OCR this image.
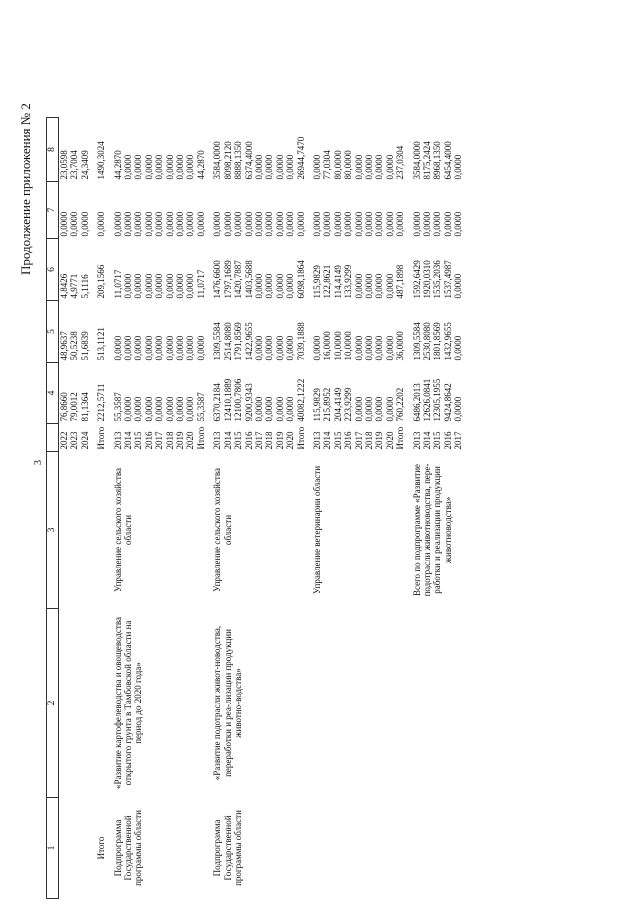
Продолжение приложения № 2
3
1	2	3		4	5	6	7	8
			2022	76,8660	48,9637	4,8426	0,0000	23,0598
			2023	79,0012	50,5238	4,9771	0,0000	23,7004
			2024	81,1364	51,6839	5,1116	0,0000	24,3409

Итого			Итого	2212,5711	513,1121	209,1566	0,0000	1490,3024

Подпрограмма Государственной программы области	«Развитие картофелеводства и овощеводства открытого грунта в Тамбовской области на период до 2020 года»	Управление сельского хозяйства области	2013	55,3587	0,0000	11,0717	0,0000	44,2870
			2014	0,0000	0,0000	0,0000	0,0000	0,0000
			2015	0,0000	0,0000	0,0000	0,0000	0,0000
			2016	0,0000	0,0000	0,0000	0,0000	0,0000
			2017	0,0000	0,0000	0,0000	0,0000	0,0000
			2018	0,0000	0,0000	0,0000	0,0000	0,0000
			2019	0,0000	0,0000	0,0000	0,0000	0,0000
			2020	0,0000	0,0000	0,0000	0,0000	0,0000
			Итого	55,3587	0,0000	11,0717	0,0000	44,2870

Подпрограмма Государственной программы области	«Развитие подотрасли живот-новодства, переработки и реа-лизации продукции животно-водства»	Управление сельского хозяйства области	2013	6370,2184	1309,5584	1476,6600	0,0000	3584,0000
			2014	12410,1889	2514,8080	1797,1689	0,0000	8098,2120
			2015	12100,7806	1791,8569	1420,7887	0,0000	8888,1350
			2016	9200,9343	1422,9655	1403,5688	0,0000	6374,4000
			2017	0,0000	0,0000	0,0000	0,0000	0,0000
			2018	0,0000	0,0000	0,0000	0,0000	0,0000
			2019	0,0000	0,0000	0,0000	0,0000	0,0000
			2020	0,0000	0,0000	0,0000	0,0000	0,0000
			Итого	40082,1222	7039,1888	6098,1864	0,0000	26944,7470

		Управление ветеринарии области	2013	115,9829	0,0000	115,9829	0,0000	0,0000
			2014	215,8952	16,0000	122,8621	0,0000	77,0304
			2015	204,4149	10,0000	114,4149	0,0000	80,0000
			2016	223,9299	10,0000	133,9299	0,0000	80,0000
			2017	0,0000	0,0000	0,0000	0,0000	0,0000
			2018	0,0000	0,0000	0,0000	0,0000	0,0000
			2019	0,0000	0,0000	0,0000	0,0000	0,0000
			2020	0,0000	0,0000	0,0000	0,0000	0,0000
			Итого	760,2202	36,0000	487,1898	0,0000	237,0304

		Всего по подпрограмме «Развитие подотрасли животноводства, пере-работки и реализации продукции животноводства»	2013	6486,2013	1309,5584	1592,6429	0,0000	3584,0000
			2014	12626,0841	2530,8080	1920,0310	0,0000	8175,2424
			2015	12305,1955	1801,8569	1535,2036	0,0000	8968,1350
			2016	9424,8642	1432,9655	1537,4987	0,0000	6454,4000
			2017	0,0000	0,0000	0,0000	0,0000	0,0000
